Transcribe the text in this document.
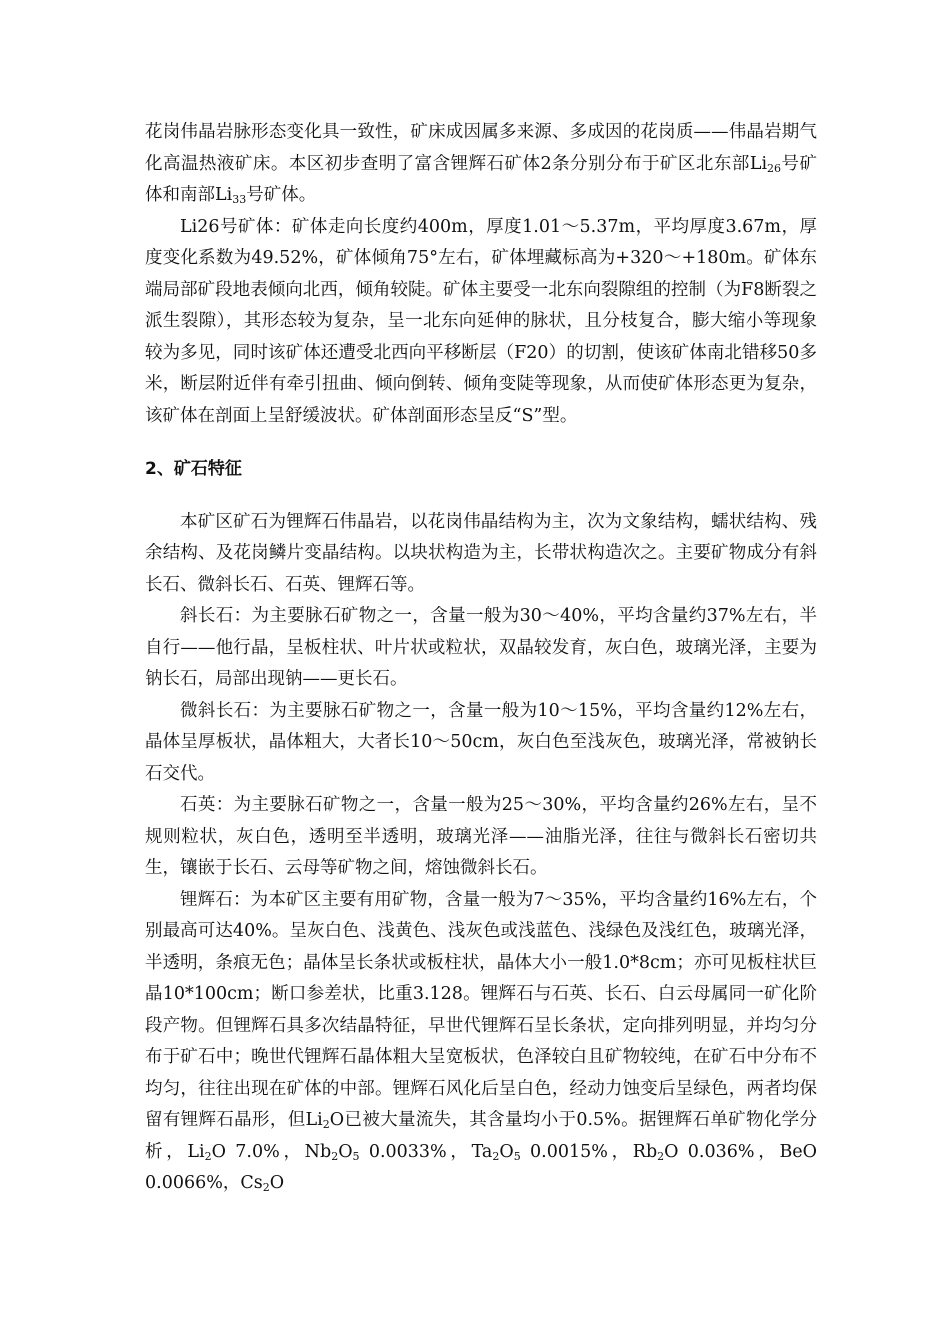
花岗伟晶岩脉形态变化具一致性，矿床成因属多来源、多成因的花岗质——伟晶岩期气化高温热液矿床。本区初步查明了富含锂辉石矿体2条分别分布于矿区北东部$Li_{26}$号矿体和南部$Li_{33}$号矿体。

Li26号矿体：矿体走向长度约400m，厚度1.01～5.37m，平均厚度3.67m，厚度变化系数为49.52%，矿体倾角75°左右，矿体埋藏标高为+320～+180m。矿体东端局部矿段地表倾向北西，倾角较陡。矿体主要受一北东向裂隙组的控制（为F8断裂之派生裂隙），其形态较为复杂，呈一北东向延伸的脉状，且分枝复合，膨大缩小等现象较为多见，同时该矿体还遭受北西向平移断层（F20）的切割，使该矿体南北错移50多米，断层附近伴有牵引扭曲、倾向倒转、倾角变陡等现象，从而使矿体形态更为复杂，该矿体在剖面上呈舒缓波状。矿体剖面形态呈反“S”型。

2、矿石特征

本矿区矿石为锂辉石伟晶岩，以花岗伟晶结构为主，次为文象结构，蠕状结构、残余结构、及花岗鳞片变晶结构。以块状构造为主，长带状构造次之。主要矿物成分有斜长石、微斜长石、石英、锂辉石等。

斜长石：为主要脉石矿物之一，含量一般为30～40%，平均含量约37%左右，半自行——他行晶，呈板柱状、叶片状或粒状，双晶较发育，灰白色，玻璃光泽，主要为钠长石，局部出现钠——更长石。

微斜长石：为主要脉石矿物之一，含量一般为10～15%，平均含量约12%左右，晶体呈厚板状，晶体粗大，大者长10～50cm，灰白色至浅灰色，玻璃光泽，常被钠长石交代。

石英：为主要脉石矿物之一，含量一般为25～30%，平均含量约26%左右，呈不规则粒状，灰白色，透明至半透明，玻璃光泽——油脂光泽，往往与微斜长石密切共生，镶嵌于长石、云母等矿物之间，熔蚀微斜长石。

锂辉石：为本矿区主要有用矿物，含量一般为7～35%，平均含量约16%左右，个别最高可达40%。呈灰白色、浅黄色、浅灰色或浅蓝色、浅绿色及浅红色，玻璃光泽，半透明，条痕无色；晶体呈长条状或板柱状，晶体大小一般1.0*8cm；亦可见板柱状巨晶10*100cm；断口参差状，比重3.128。锂辉石与石英、长石、白云母属同一矿化阶段产物。但锂辉石具多次结晶特征，早世代锂辉石呈长条状，定向排列明显，并均匀分布于矿石中；晚世代锂辉石晶体粗大呈宽板状，色泽较白且矿物较纯，在矿石中分布不均匀，往往出现在矿体的中部。锂辉石风化后呈白色，经动力蚀变后呈绿色，两者均保留有锂辉石晶形，但$Li_2O$已被大量流失，其含量均小于0.5%。据锂辉石单矿物化学分析，$Li_2O$ 7.0%，$Nb_2O_5$ 0.0033%，$Ta_2O_5$ 0.0015%，$Rb_2O$ 0.036%，BeO 0.0066%，$Cs_2O$
